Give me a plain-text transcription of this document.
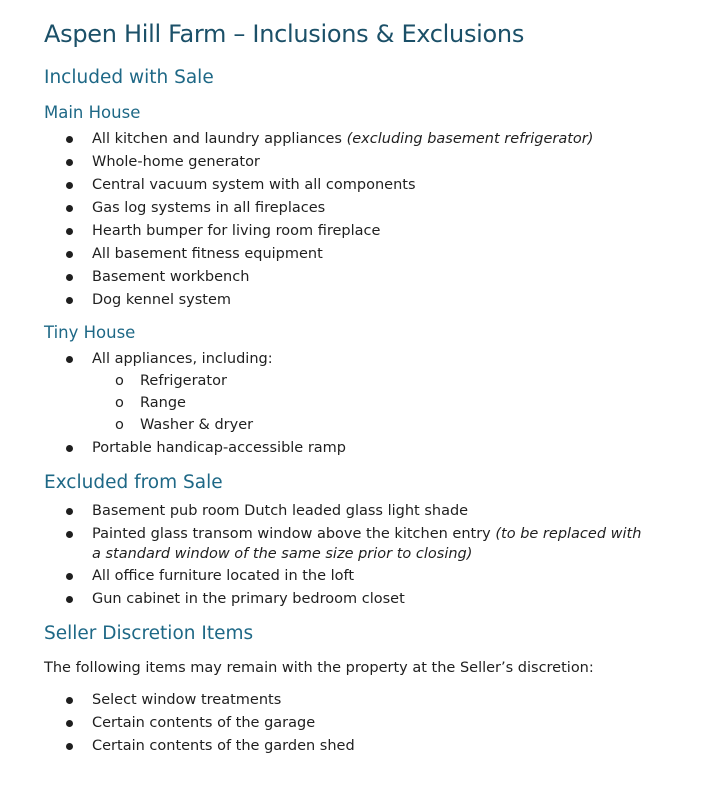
Aspen Hill Farm – Inclusions & Exclusions
Included with Sale
Main House
All kitchen and laundry appliances (excluding basement refrigerator)
Whole-home generator
Central vacuum system with all components
Gas log systems in all fireplaces
Hearth bumper for living room fireplace
All basement fitness equipment
Basement workbench
Dog kennel system
Tiny House
All appliances, including:
o Refrigerator
o Range
o Washer & dryer
Portable handicap-accessible ramp
Excluded from Sale
Basement pub room Dutch leaded glass light shade
Painted glass transom window above the kitchen entry (to be replaced with a standard window of the same size prior to closing)
All office furniture located in the loft
Gun cabinet in the primary bedroom closet
Seller Discretion Items
The following items may remain with the property at the Seller’s discretion:
Select window treatments
Certain contents of the garage
Certain contents of the garden shed
